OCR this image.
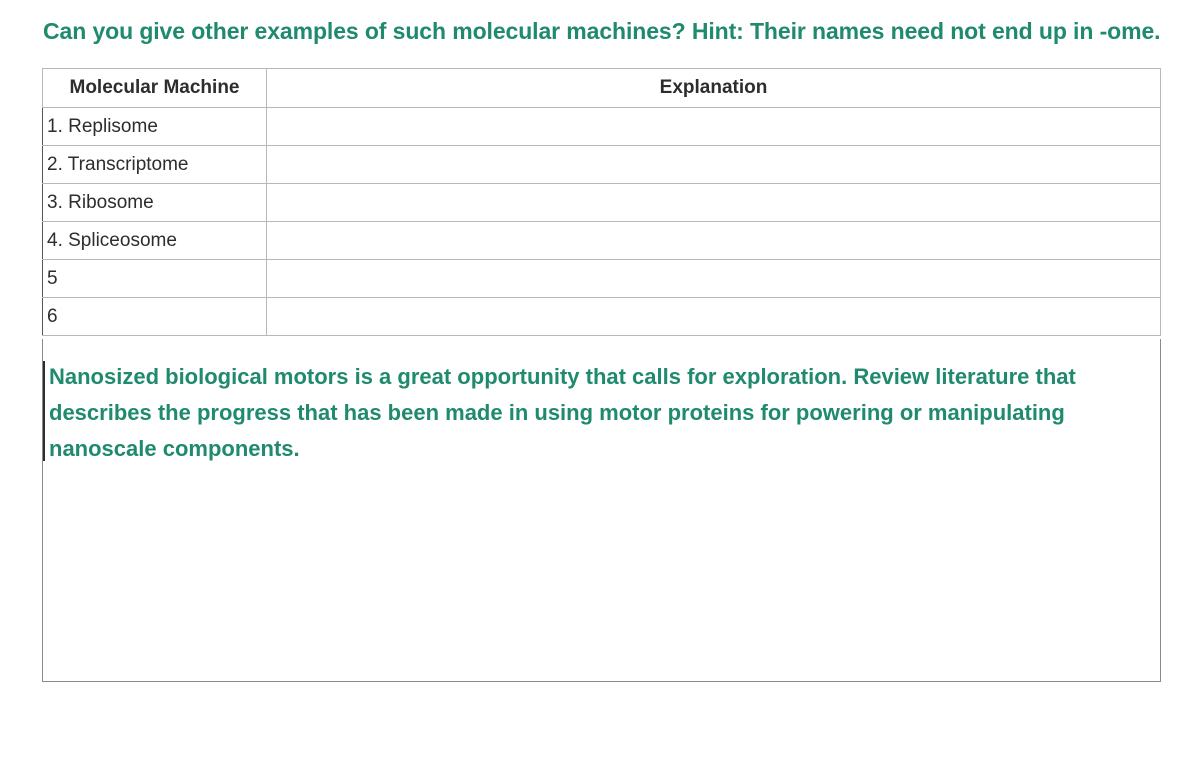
Can you give other examples of such molecular machines? Hint: Their names need not end up in -ome.
Molecular Machine	Explanation
1. Replisome	
2. Transcriptome	
3. Ribosome	
4. Spliceosome	
5	
6	

Nanosized biological motors is a great opportunity that calls for exploration. Review literature that describes the progress that has been made in using motor proteins for powering or manipulating nanoscale components.
